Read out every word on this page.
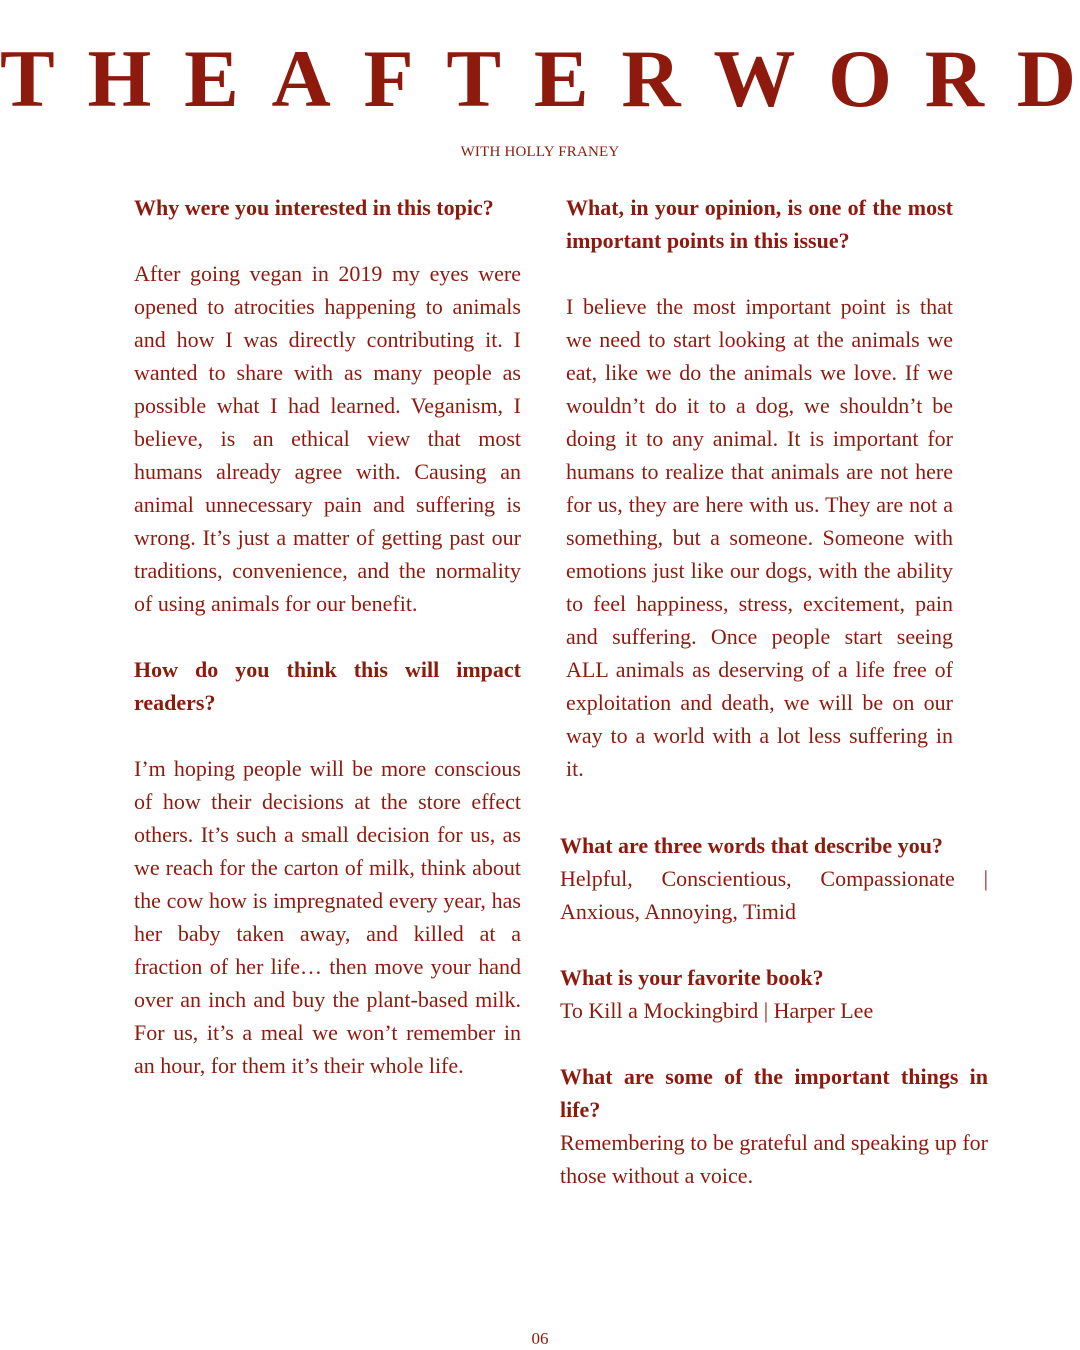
T H E A F T E R W O R D

WITH HOLLY FRANEY

Why were you interested in this topic?

After going vegan in 2019 my eyes were opened to atrocities happening to animals and how I was directly contributing it. I wanted to share with as many people as possible what I had learned. Veganism, I believe, is an ethical view that most humans already agree with. Causing an animal unnecessary pain and suffering is wrong. It’s just a matter of getting past our traditions, convenience, and the normality of using animals for our benefit.

How do you think this will impact readers?

I’m hoping people will be more conscious of how their decisions at the store effect others. It’s such a small decision for us, as we reach for the carton of milk, think about the cow how is impregnated every year, has her baby taken away, and killed at a fraction of her life… then move your hand over an inch and buy the plant-based milk. For us, it’s a meal we won’t remember in an hour, for them it’s their whole life.

What, in your opinion, is one of the most important points in this issue?

I believe the most important point is that we need to start looking at the animals we eat, like we do the animals we love. If we wouldn’t do it to a dog, we shouldn’t be doing it to any animal. It is important for humans to realize that animals are not here for us, they are here with us. They are not a something, but a someone. Someone with emotions just like our dogs, with the ability to feel happiness, stress, excitement, pain and suffering. Once people start seeing ALL animals as deserving of a life free of exploitation and death, we will be on our way to a world with a lot less suffering in it.

What are three words that describe you?

Helpful, Conscientious, Compassionate | Anxious, Annoying, Timid

What is your favorite book?

To Kill a Mockingbird | Harper Lee

What are some of the important things in life?

Remembering to be grateful and speaking up for those without a voice.

06
